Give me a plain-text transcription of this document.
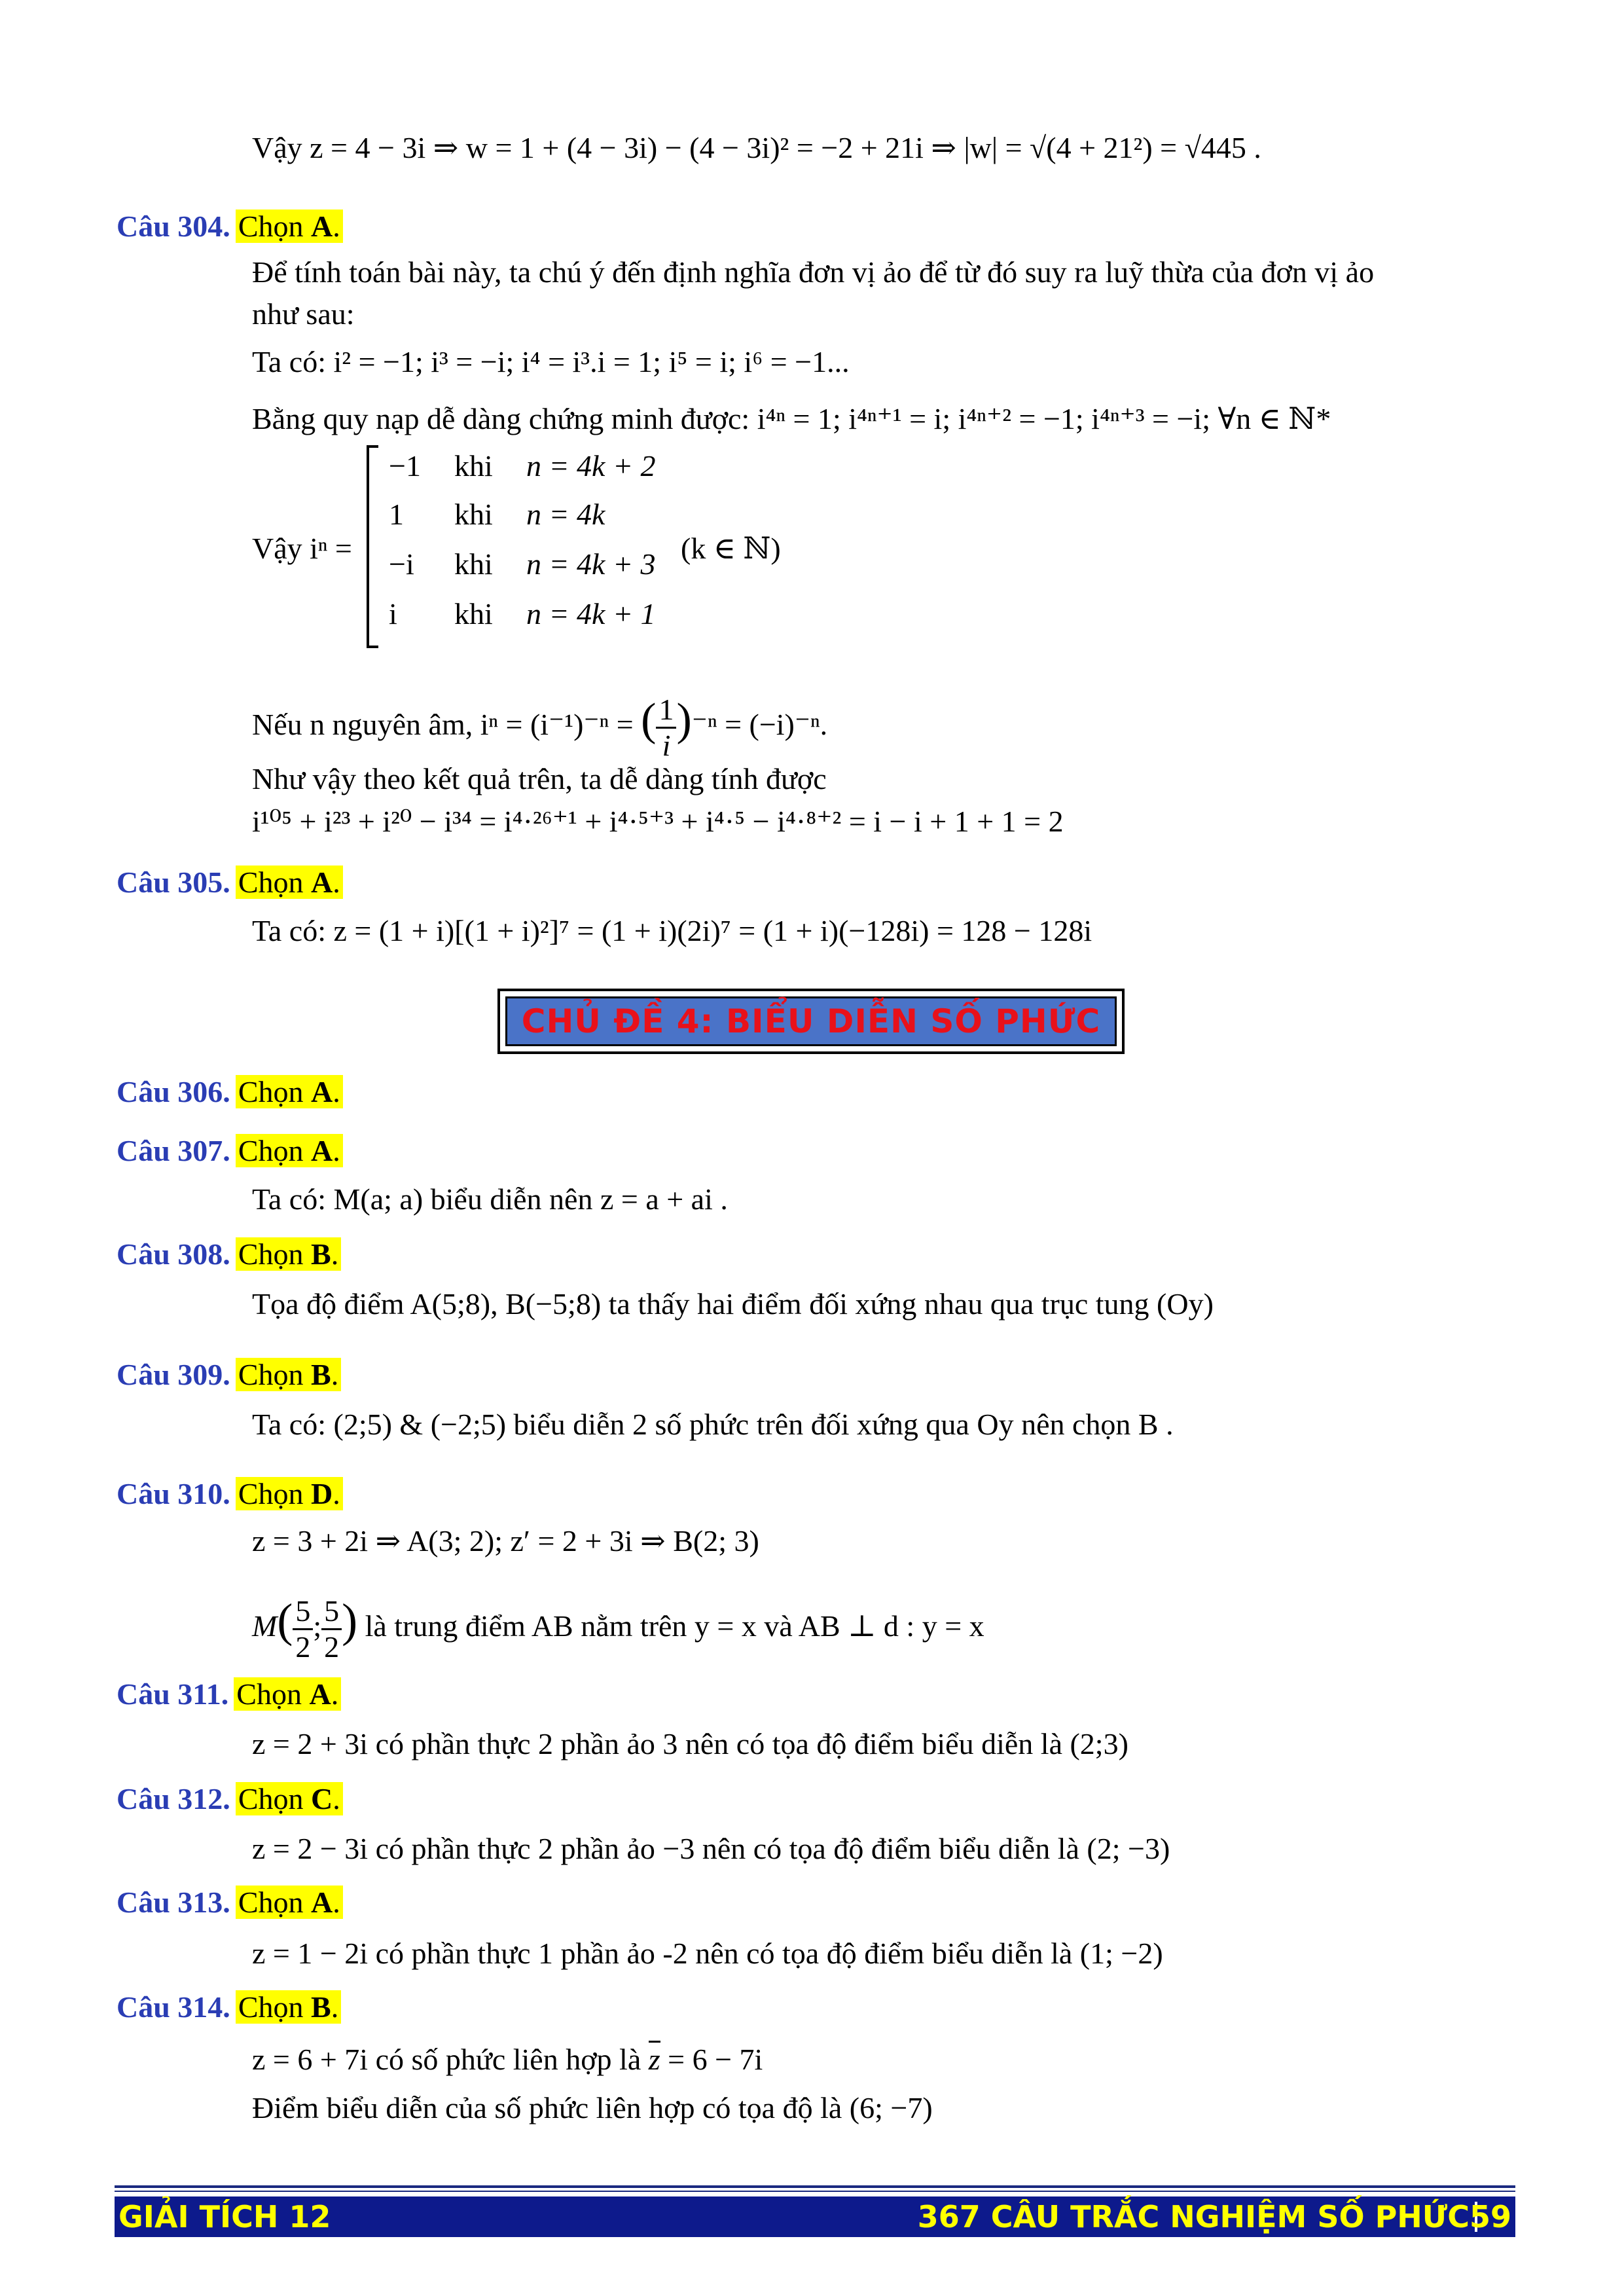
Vậy z = 4 − 3i ⇒ w = 1 + (4 − 3i) − (4 − 3i)² = −2 + 21i ⇒ |w| = √(4 + 21²) = √445 .
Câu 304. Chọn A.
Để tính toán bài này, ta chú ý đến định nghĩa đơn vị ảo để từ đó suy ra luỹ thừa của đơn vị ảo
như sau:
Ta có: i² = −1; i³ = −i; i⁴ = i³.i = 1; i⁵ = i; i⁶ = −1...
Bằng quy nạp dễ dàng chứng minh được: i⁴ⁿ = 1; i⁴ⁿ⁺¹ = i; i⁴ⁿ⁺² = −1; i⁴ⁿ⁺³ = −i; ∀n ∈ ℕ*
Vậy iⁿ =
−1 khi n = 4k + 2
1 khi n = 4k
−i khi n = 4k + 3
i khi n = 4k + 1
(k ∈ ℕ)
Nếu n nguyên âm, iⁿ = (i⁻¹)⁻ⁿ = ( $\frac{1}{i} )^{-n} = (-i)^{-n}$.
Như vậy theo kết quả trên, ta dễ dàng tính được
i¹⁰⁵ + i²³ + i²⁰ − i³⁴ = i⁴·²⁶⁺¹ + i⁴·⁵⁺³ + i⁴·⁵ − i⁴·⁸⁺² = i − i + 1 + 1 = 2
Câu 305. Chọn A.
Ta có: z = (1 + i)[(1 + i)²]⁷ = (1 + i)(2i)⁷ = (1 + i)(−128i) = 128 − 128i
CHỦ ĐỀ 4: BIỂU DIỄN SỐ PHỨC
Câu 306. Chọn A.
Câu 307. Chọn A.
Ta có: M(a; a) biểu diễn nên z = a + ai .
Câu 308. Chọn B.
Tọa độ điểm A(5;8), B(−5;8) ta thấy hai điểm đối xứng nhau qua trục tung (Oy)
Câu 309. Chọn B.
Ta có: (2;5) & (−2;5) biểu diễn 2 số phức trên đối xứng qua Oy nên chọn B .
Câu 310. Chọn D.
z = 3 + 2i ⇒ A(3; 2); z′ = 2 + 3i ⇒ B(2; 3)
$M( \frac{5}{2}$ ; $\frac{5}{2}$ ) là trung điểm AB nằm trên y = x và AB ⊥ d : y = x
Câu 311. Chọn A.
z = 2 + 3i có phần thực 2 phần ảo 3 nên có tọa độ điểm biểu diễn là (2;3)
Câu 312. Chọn C.
z = 2 − 3i có phần thực 2 phần ảo −3 nên có tọa độ điểm biểu diễn là (2; −3)
Câu 313. Chọn A.
z = 1 − 2i có phần thực 1 phần ảo -2 nên có tọa độ điểm biểu diễn là (1; −2)
Câu 314. Chọn B.
z = 6 + 7i có số phức liên hợp là z = 6 − 7i
Điểm biểu diễn của số phức liên hợp có tọa độ là (6; −7)
GIẢI TÍCH 12	367 CÂU TRẮC NGHIỆM SỐ PHỨC 59
